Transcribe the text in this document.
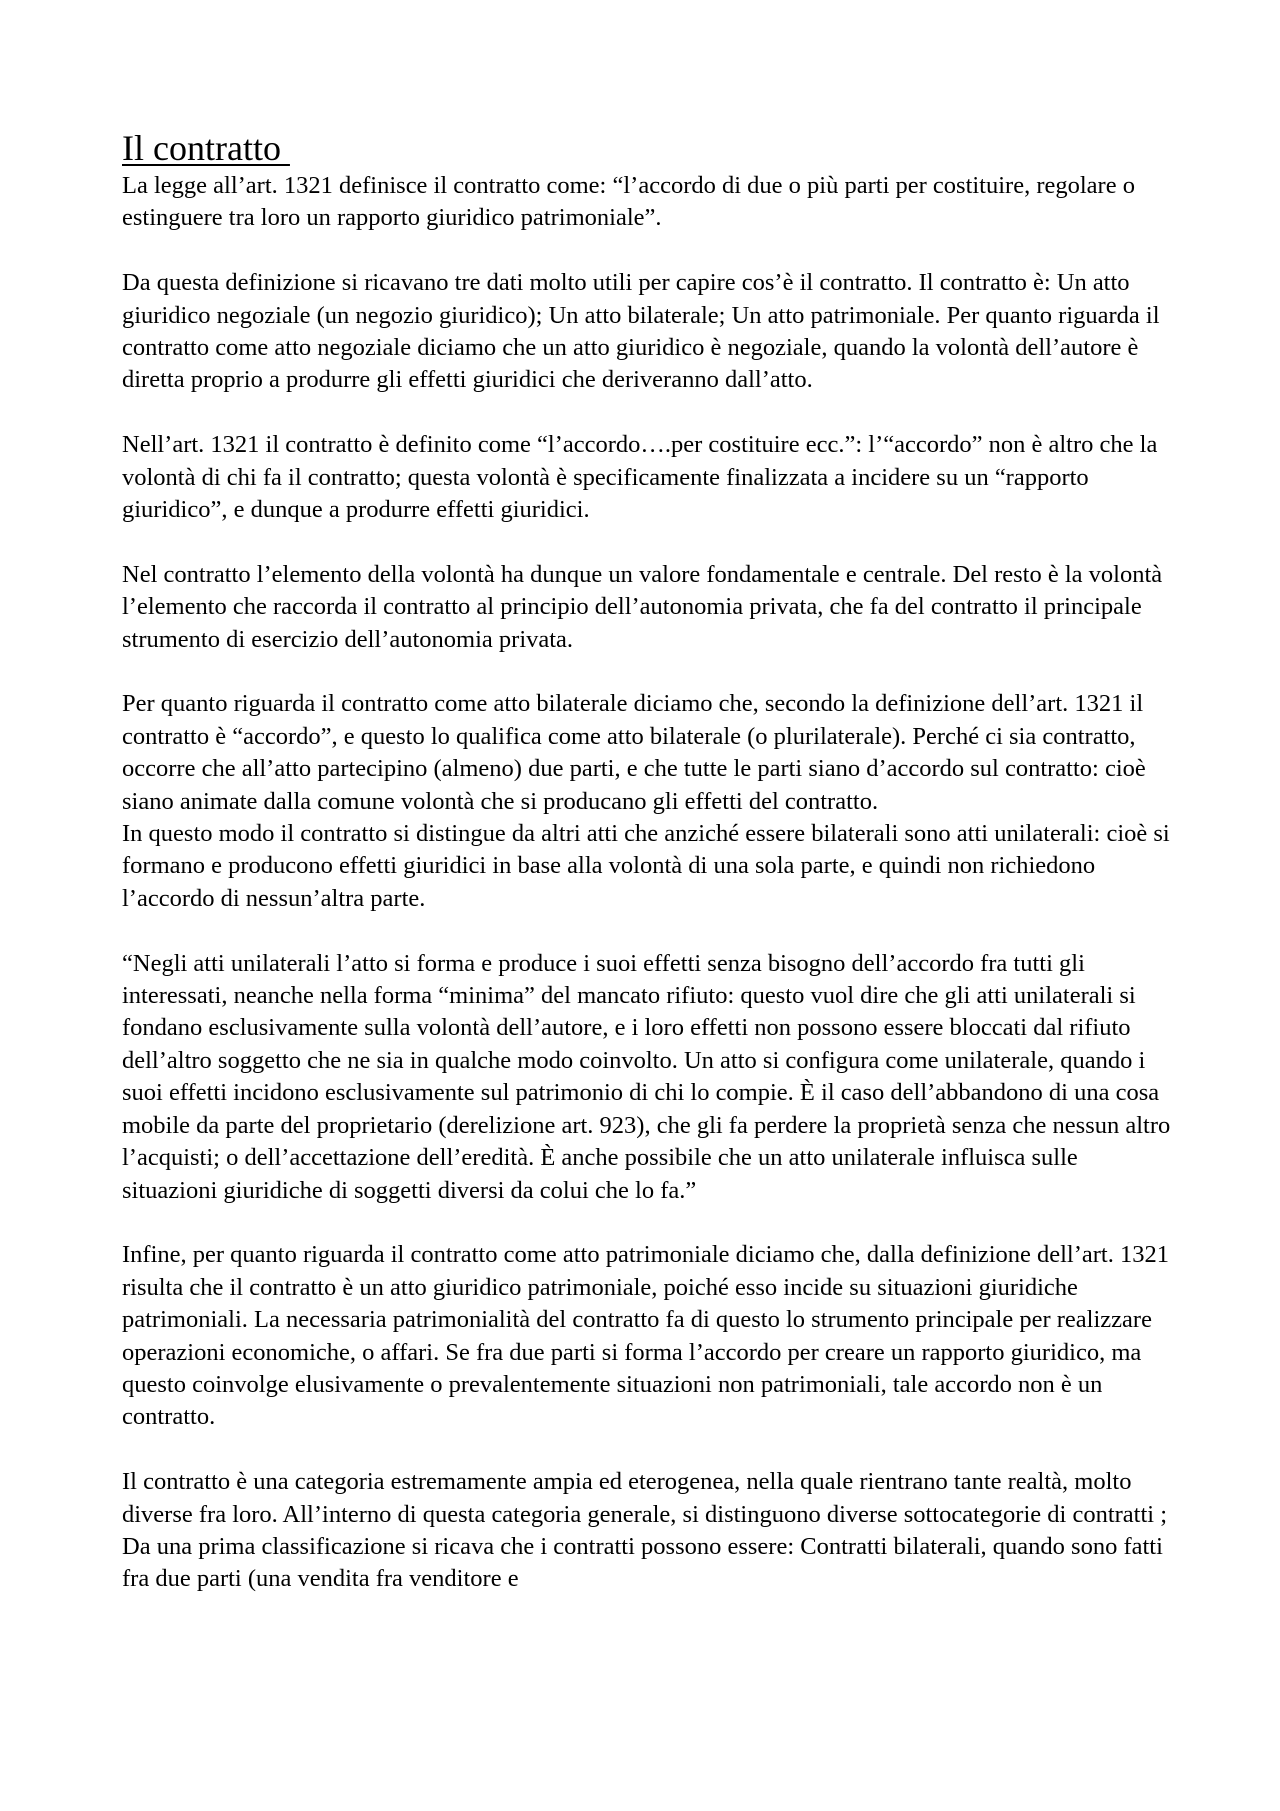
Il contratto

La legge all’art. 1321 definisce il contratto come: “l’accordo di due o più parti per costituire, regolare o estinguere tra loro un rapporto giuridico patrimoniale”.

Da questa definizione si ricavano tre dati molto utili per capire cos’è il contratto. Il contratto è: Un atto giuridico negoziale (un negozio giuridico); Un atto bilaterale; Un atto patrimoniale. Per quanto riguarda il contratto come atto negoziale diciamo che un atto giuridico è negoziale, quando la volontà dell’autore è diretta proprio a produrre gli effetti giuridici che deriveranno dall’atto.

Nell’art. 1321 il contratto è definito come “l’accordo….per costituire ecc.”: l’“accordo” non è altro che la volontà di chi fa il contratto; questa volontà è specificamente finalizzata a incidere su un “rapporto giuridico”, e dunque a produrre effetti giuridici.

Nel contratto l’elemento della volontà ha dunque un valore fondamentale e centrale. Del resto è la volontà l’elemento che raccorda il contratto al principio dell’autonomia privata, che fa del contratto il principale strumento di esercizio dell’autonomia privata.

Per quanto riguarda il contratto come atto bilaterale diciamo che, secondo la definizione dell’art. 1321 il contratto è “accordo”, e questo lo qualifica come atto bilaterale (o plurilaterale). Perché ci sia contratto, occorre che all’atto partecipino (almeno) due parti, e che tutte le parti siano d’accordo sul contratto: cioè siano animate dalla comune volontà che si producano gli effetti del contratto.

In questo modo il contratto si distingue da altri atti che anziché essere bilaterali sono atti unilaterali: cioè si formano e producono effetti giuridici in base alla volontà di una sola parte, e quindi non richiedono l’accordo di nessun’altra parte.

“Negli atti unilaterali l’atto si forma e produce i suoi effetti senza bisogno dell’accordo fra tutti gli interessati, neanche nella forma “minima” del mancato rifiuto: questo vuol dire che gli atti unilaterali si fondano esclusivamente sulla volontà dell’autore, e i loro effetti non possono essere bloccati dal rifiuto dell’altro soggetto che ne sia in qualche modo coinvolto. Un atto si configura come unilaterale, quando i suoi effetti incidono esclusivamente sul patrimonio di chi lo compie. È il caso dell’abbandono di una cosa mobile da parte del proprietario (derelizione art. 923), che gli fa perdere la proprietà senza che nessun altro l’acquisti; o dell’accettazione dell’eredità. È anche possibile che un atto unilaterale influisca sulle situazioni giuridiche di soggetti diversi da colui che lo fa.”

Infine, per quanto riguarda il contratto come atto patrimoniale diciamo che, dalla definizione dell’art. 1321 risulta che il contratto è un atto giuridico patrimoniale, poiché esso incide su situazioni giuridiche patrimoniali. La necessaria patrimonialità del contratto fa di questo lo strumento principale per realizzare operazioni economiche, o affari. Se fra due parti si forma l’accordo per creare un rapporto giuridico, ma questo coinvolge elusivamente o prevalentemente situazioni non patrimoniali, tale accordo non è un contratto.

Il contratto è una categoria estremamente ampia ed eterogenea, nella quale rientrano tante realtà, molto diverse fra loro. All’interno di questa categoria generale, si distinguono diverse sottocategorie di contratti ; Da una prima classificazione si ricava che i contratti possono essere: Contratti bilaterali, quando sono fatti fra due parti (una vendita fra venditore e
